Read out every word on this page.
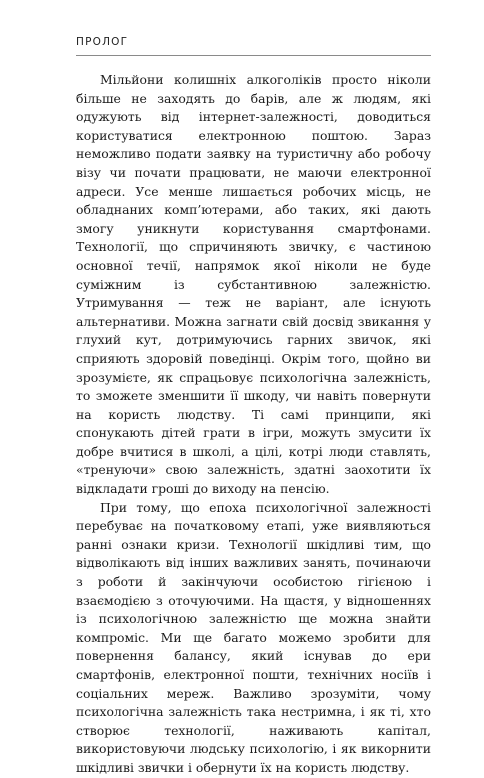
ПРОЛОГ

Мільйони колишніх алкоголіків просто ніколи більше не заходять до барів, але ж людям, які одужують від інтернет-залежності, доводиться користуватися електронною поштою. Зараз неможливо подати заявку на туристичну або робочу візу чи почати працювати, не маючи електронної адреси. Усе менше лишається робочих місць, не обладнаних комп’ютерами, або таких, які дають змогу уникнути користування смартфонами. Технології, що спричиняють звичку, є частиною основної течії, напрямок якої ніколи не буде суміжним із субстантивною залежністю. Утримування — теж не варіант, але існують альтернативи. Можна загнати свій досвід звикання у глухий кут, дотримуючись гарних звичок, які сприяють здоровій поведінці. Окрім того, щойно ви зрозумієте, як спрацьовує психологічна залежність, то зможете зменшити її шкоду, чи навіть повернути на користь людству. Ті самі принципи, які спонукають дітей грати в ігри, можуть змусити їх добре вчитися в школі, а цілі, котрі люди ставлять, «тренуючи» свою залежність, здатні заохотити їх відкладати гроші до виходу на пенсію.

При тому, що епоха психологічної залежності перебуває на початковому етапі, уже виявляються ранні ознаки кризи. Технології шкідливі тим, що відволікають від інших важливих занять, починаючи з роботи й закінчуючи особистою гігієною і взаємодією з оточуючими. На щастя, у відношеннях із психологічною залежністю ще можна знайти компроміс. Ми ще багато можемо зробити для повернення балансу, який існував до ери смартфонів, електронної пошти, технічних носіїв і соціальних мереж. Важливо зрозуміти, чому психологічна залежність така нестримна, і як ті, хто створює технології, наживають капітал, використовуючи людську психологію, і як викорнити шкідливі звички і обернути їх на користь людству.
